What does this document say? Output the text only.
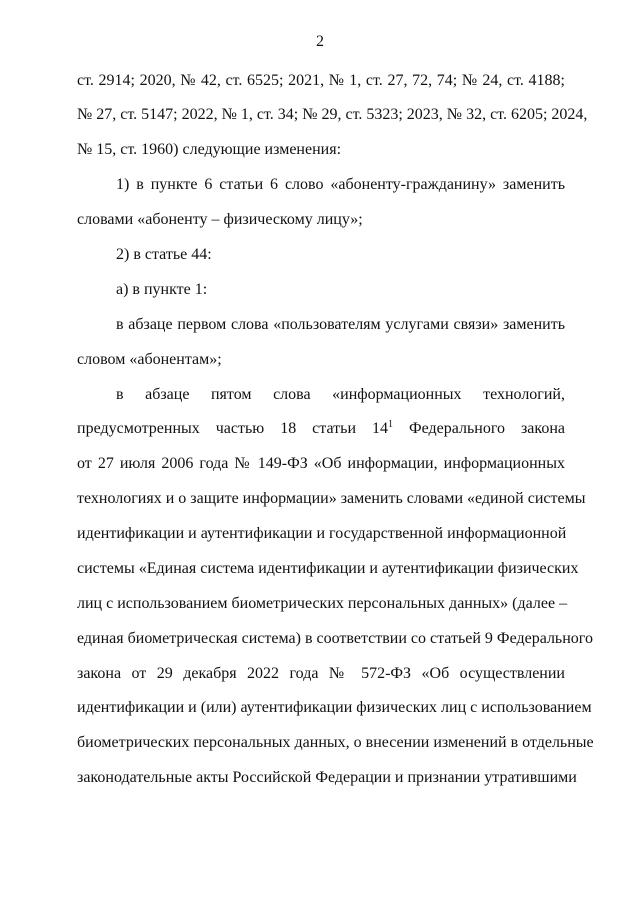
2
ст. 2914; 2020, № 42, ст. 6525; 2021, № 1, ст. 27, 72, 74; № 24, ст. 4188;
№ 27, ст. 5147; 2022, № 1, ст. 34; № 29, ст. 5323; 2023, № 32, ст. 6205; 2024,
№ 15, ст. 1960) следующие изменения:
1) в пункте 6 статьи 6 слово «абоненту-гражданину» заменить
словами «абоненту – физическому лицу»;
2) в статье 44:
а) в пункте 1:
в абзаце первом слова «пользователям услугами связи» заменить
словом «абонентам»;
в абзаце пятом слова «информационных технологий,
предусмотренных частью 18 статьи $14^1$ Федерального закона
от 27 июля 2006 года № 149-ФЗ «Об информации, информационных
технологиях и о защите информации» заменить словами «единой системы
идентификации и аутентификации и государственной информационной
системы «Единая система идентификации и аутентификации физических
лиц с использованием биометрических персональных данных» (далее –
единая биометрическая система) в соответствии со статьей 9 Федерального
закона от 29 декабря 2022 года № 572-ФЗ «Об осуществлении
идентификации и (или) аутентификации физических лиц с использованием
биометрических персональных данных, о внесении изменений в отдельные
законодательные акты Российской Федерации и признании утратившими
